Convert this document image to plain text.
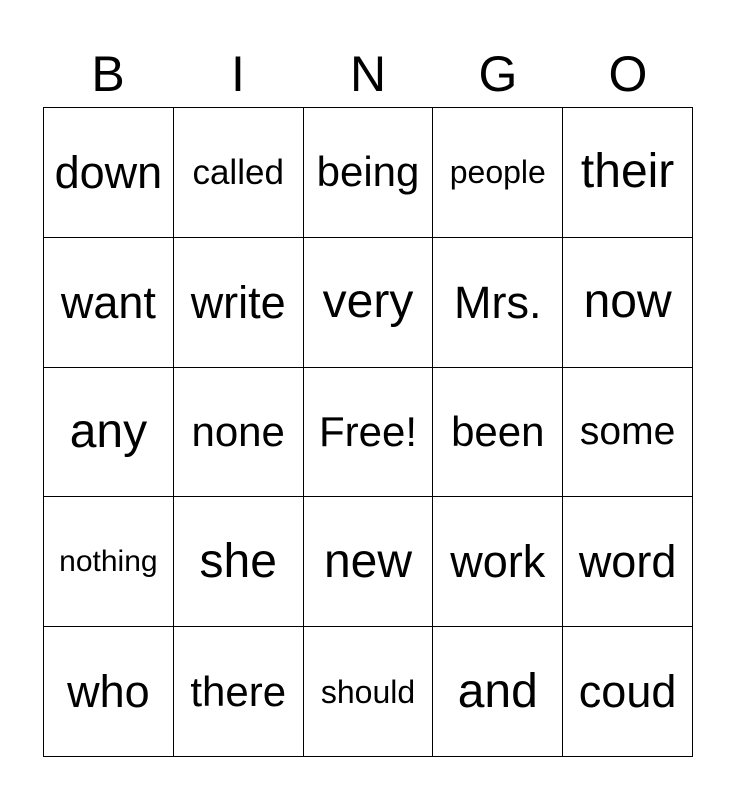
B	I	N	G	O
down called being people their
want write very Mrs. now
any	none Free! been some
nothing she new work word
who there	should and coud
